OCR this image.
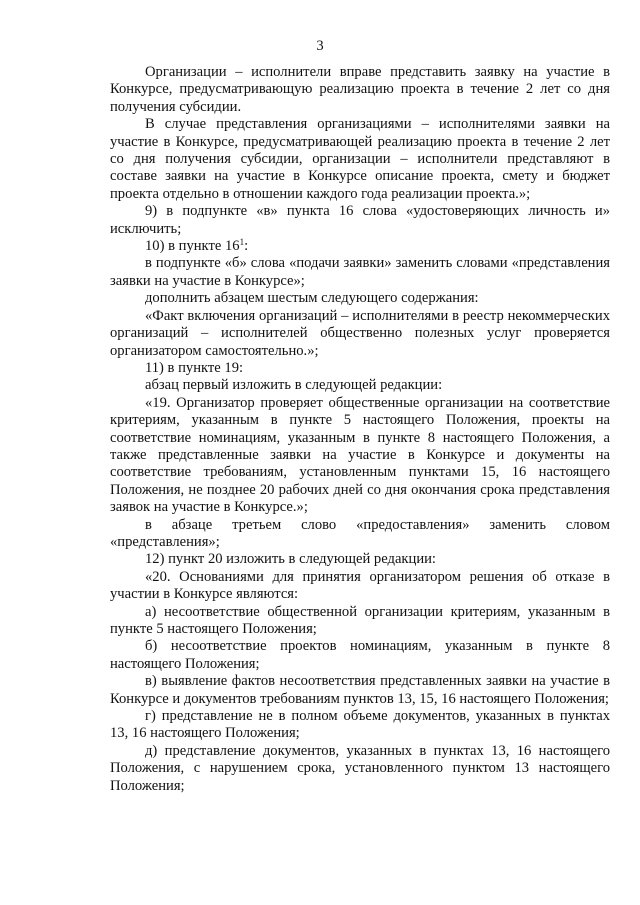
3

Организации – исполнители вправе представить заявку на участие в Конкурсе, предусматривающую реализацию проекта в течение 2 лет со дня получения субсидии.

В случае представления организациями – исполнителями заявки на участие в Конкурсе, предусматривающей реализацию проекта в течение 2 лет со дня получения субсидии, организации – исполнители представляют в составе заявки на участие в Конкурсе описание проекта, смету и бюджет проекта отдельно в отношении каждого года реализации проекта.»;

9) в подпункте «в» пункта 16 слова «удостоверяющих личность и» исключить;

10) в пункте $16^1$:

в подпункте «б» слова «подачи заявки» заменить словами «представления заявки на участие в Конкурсе»;

дополнить абзацем шестым следующего содержания:

«Факт включения организаций – исполнителями в реестр некоммерческих организаций – исполнителей общественно полезных услуг проверяется организатором самостоятельно.»;

11) в пункте 19:

абзац первый изложить в следующей редакции:

«19. Организатор проверяет общественные организации на соответствие критериям, указанным в пункте 5 настоящего Положения, проекты на соответствие номинациям, указанным в пункте 8 настоящего Положения, а также представленные заявки на участие в Конкурсе и документы на соответствие требованиям, установленным пунктами 15, 16 настоящего Положения, не позднее 20 рабочих дней со дня окончания срока представления заявок на участие в Конкурсе.»;

в абзаце третьем слово «предоставления» заменить словом «представления»;

12) пункт 20 изложить в следующей редакции:

«20. Основаниями для принятия организатором решения об отказе в участии в Конкурсе являются:

а) несоответствие общественной организации критериям, указанным в пункте 5 настоящего Положения;

б) несоответствие проектов номинациям, указанным в пункте 8 настоящего Положения;

в) выявление фактов несоответствия представленных заявки на участие в Конкурсе и документов требованиям пунктов 13, 15, 16 настоящего Положения;

г) представление не в полном объеме документов, указанных в пунктах 13, 16 настоящего Положения;

д) представление документов, указанных в пунктах 13, 16 настоящего Положения, с нарушением срока, установленного пунктом 13 настоящего Положения;
